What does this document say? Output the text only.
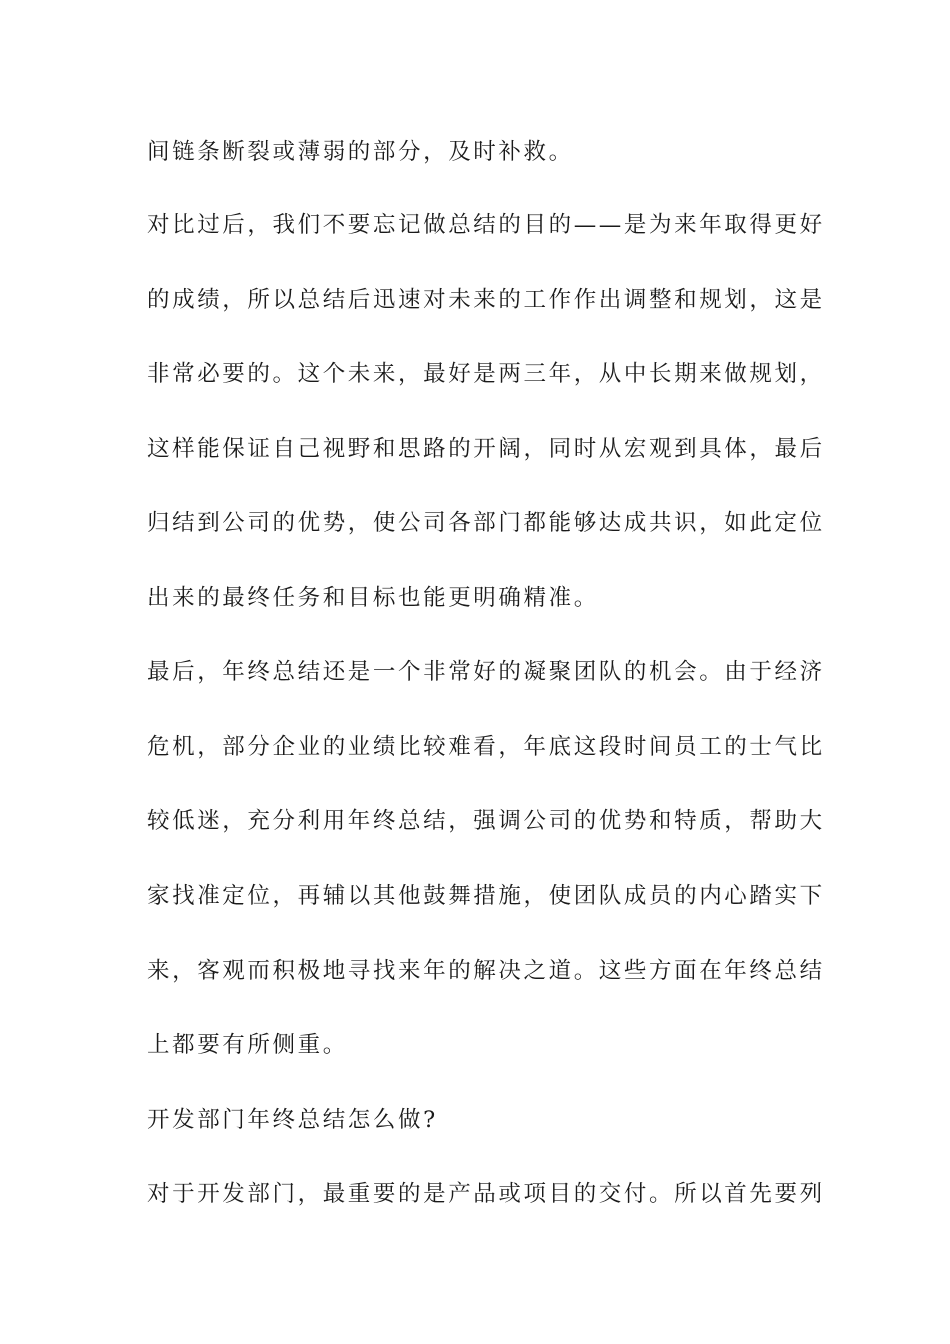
间链条断裂或薄弱的部分，及时补救。
对比过后，我们不要忘记做总结的目的——是为来年取得更好
的成绩，所以总结后迅速对未来的工作作出调整和规划，这是
非常必要的。这个未来，最好是两三年，从中长期来做规划，
这样能保证自己视野和思路的开阔，同时从宏观到具体，最后
归结到公司的优势，使公司各部门都能够达成共识，如此定位
出来的最终任务和目标也能更明确精准。
最后，年终总结还是一个非常好的凝聚团队的机会。由于经济
危机，部分企业的业绩比较难看，年底这段时间员工的士气比
较低迷，充分利用年终总结，强调公司的优势和特质，帮助大
家找准定位，再辅以其他鼓舞措施，使团队成员的内心踏实下
来，客观而积极地寻找来年的解决之道。这些方面在年终总结
上都要有所侧重。
开发部门年终总结怎么做?
对于开发部门，最重要的是产品或项目的交付。所以首先要列
